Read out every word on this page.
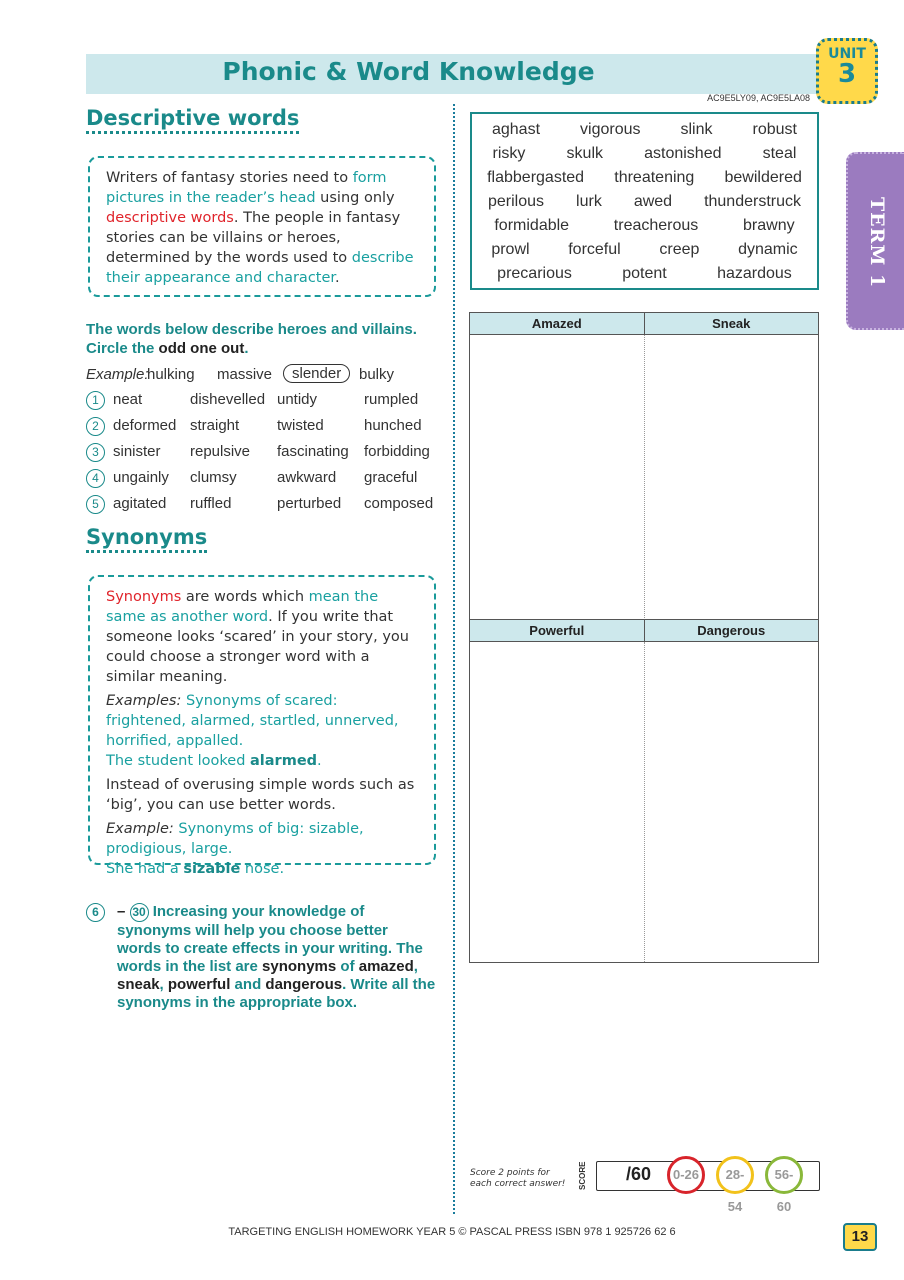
Phonic & Word Knowledge
AC9E5LY09, AC9E5LA08
UNIT
3
TERM 1
Descriptive words
Writers of fantasy stories need to form pictures in the reader’s head using only descriptive words. The people in fantasy stories can be villains or heroes, determined by the words used to describe their appearance and character.
The words below describe heroes and villains. Circle the odd one out.
Example:
hulking massive	slender	bulky
1 neat	dishevelled untidy	rumpled
2 deformed straight	twisted	hunched
3 sinister repulsive fascinating forbidding
4 ungainly clumsy	awkward graceful
5 agitated ruffled	perturbed composed
Synonyms

Synonyms are words which mean the same as another word. If you write that someone looks ‘scared’ in your story, you could choose a stronger word with a similar meaning.

Examples: Synonyms of scared: frightened, alarmed, startled, unnerved, horrified, appalled.
The student looked alarmed.

Instead of overusing simple words such as ‘big’, you can use better words.

Example: Synonyms of big: sizable, prodigious, large.
She had a sizable nose.

6	– 30 Increasing your knowledge of synonyms will help you choose better words to create effects in your writing. The words in the list are synonyms of amazed, sneak, powerful and dangerous. Write all the synonyms in the appropriate box.
aghast vigorous slink robust
risky	skulk	astonished	steal
flabbergasted threatening bewildered
perilous lurk awed thunderstruck
formidable	treacherous	brawny
prowl forceful creep dynamic
precarious	potent	hazardous
Amazed	Sneak
Powerful	Dangerous
Score 2 points for
each correct answer! SCORE	/60	0-26	28-54
56-60
TARGETING ENGLISH HOMEWORK YEAR 5 © PASCAL PRESS ISBN 978 1 925726 62 6	13
